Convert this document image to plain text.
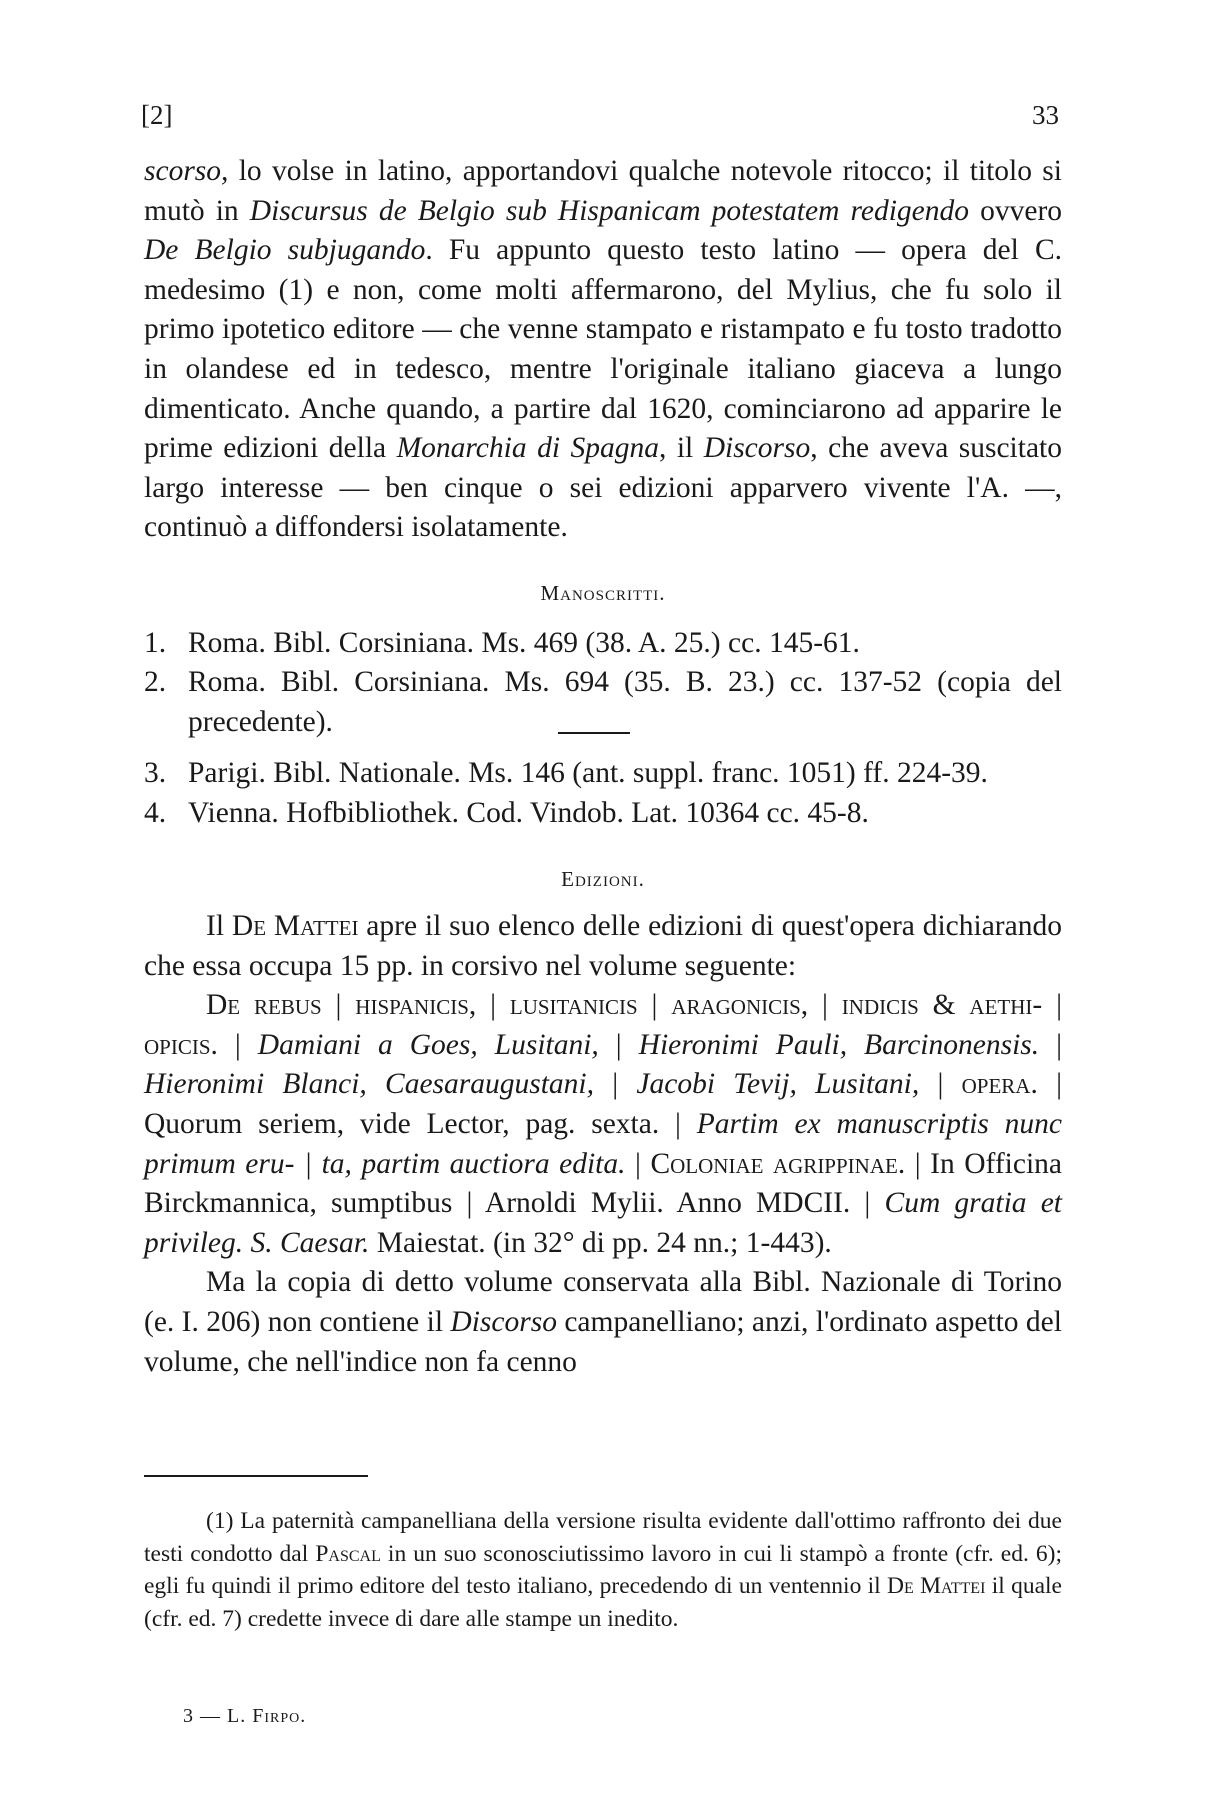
[2]	33

scorso, lo volse in latino, apportandovi qualche notevole ritocco; il titolo si mutò in Discursus de Belgio sub Hispanicam potestatem redigendo ovvero De Belgio subjugando. Fu appunto questo testo latino — opera del C. medesimo (1) e non, come molti affermarono, del Mylius, che fu solo il primo ipotetico editore — che venne stampato e ristampato e fu tosto tradotto in olandese ed in tedesco, mentre l'originale italiano giaceva a lungo dimenticato. Anche quando, a partire dal 1620, cominciarono ad apparire le prime edizioni della Monarchia di Spagna, il Discorso, che aveva suscitato largo interesse — ben cinque o sei edizioni apparvero vivente l'A. —, continuò a diffondersi isolatamente.

Manoscritti.

1. Roma. Bibl. Corsiniana. Ms. 469 (38. A. 25.) cc. 145-61.
2. Roma. Bibl. Corsiniana. Ms. 694 (35. B. 23.) cc. 137-52 (copia del precedente).
3. Parigi. Bibl. Nationale. Ms. 146 (ant. suppl. franc. 1051) ff. 224-39.
4. Vienna. Hofbibliothek. Cod. Vindob. Lat. 10364 cc. 45-8.

Edizioni.

Il De Mattei apre il suo elenco delle edizioni di quest'opera dichiarando che essa occupa 15 pp. in corsivo nel volume seguente:

De rebus | hispanicis, | lusitanicis | aragonicis, | indicis & aethi- | opicis. | Damiani a Goes, Lusitani, | Hieronimi Pauli, Barcinonensis. | Hieronimi Blanci, Caesaraugustani, | Jacobi Tevij, Lusitani, | opera. | Quorum seriem, vide Lector, pag. sexta. | Partim ex manuscriptis nunc primum eru- | ta, partim auctiora edita. | Coloniae agrippinae. | In Officina Birckmannica, sumptibus | Arnoldi Mylii. Anno MDCII. | Cum gratia et privileg. S. Caesar. Maiestat. (in 32° di pp. 24 nn.; 1-443).

Ma la copia di detto volume conservata alla Bibl. Nazionale di Torino (e. I. 206) non contiene il Discorso campanelliano; anzi, l'ordinato aspetto del volume, che nell'indice non fa cenno

(1) La paternità campanelliana della versione risulta evidente dall'ottimo raffronto dei due testi condotto dal Pascal in un suo sconosciutissimo lavoro in cui li stampò a fronte (cfr. ed. 6); egli fu quindi il primo editore del testo italiano, precedendo di un ventennio il De Mattei il quale (cfr. ed. 7) credette invece di dare alle stampe un inedito.

3 — L. Firpo.
